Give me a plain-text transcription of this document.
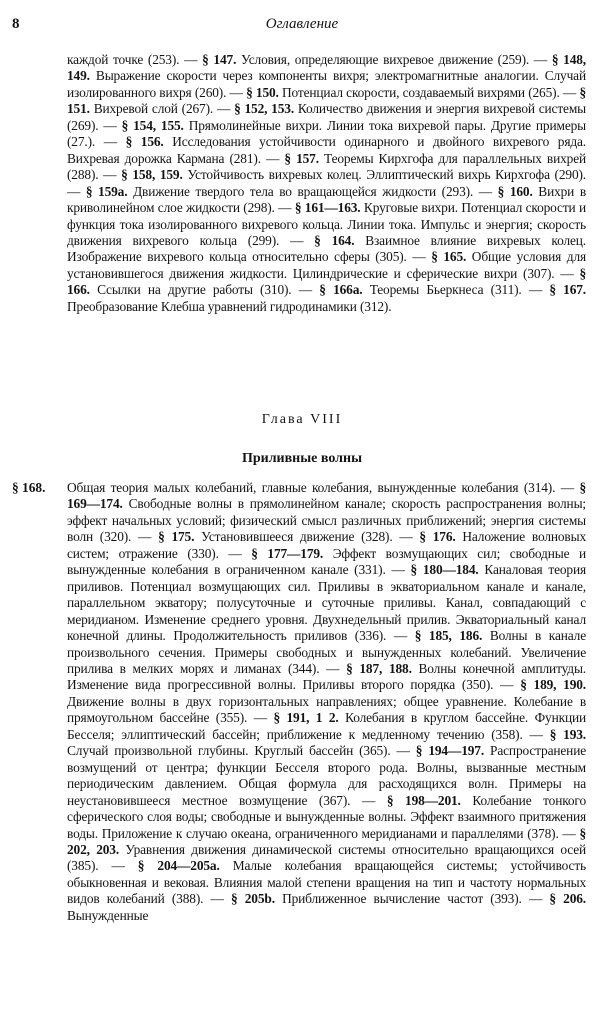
8	Оглавление
каждой точке (253). — § 147. Условия, определяющие вихревое движение (259). — § 148, 149. Выражение скорости через компоненты вихря; электромагнитные аналогии. Случай изолированного вихря (260). — § 150. Потенциал скорости, создаваемый вихрями (265). — § 151. Вихревой слой (267). — § 152, 153. Количество движения и энергия вихревой системы (269). — § 154, 155. Прямолинейные вихри. Линии тока вихревой пары. Другие примеры (27.). — § 156. Исследования устойчивости одинарного и двойного вихревого ряда. Вихревая дорожка Кармана (281). — § 157. Теоремы Кирхгофа для параллельных вихрей (288). — § 158, 159. Устойчивость вихревых колец. Эллиптический вихрь Кирхгофа (290). — § 159а. Движение твердого тела во вращающейся жидкости (293). — § 160. Вихри в криволинейном слое жидкости (298). — § 161—163. Круговые вихри. Потенциал скорости и функция тока изолированного вихревого кольца. Линии тока. Импульс и энергия; скорость движения вихревого кольца (299). — § 164. Взаимное влияние вихревых колец. Изображение вихревого кольца относительно сферы (305). — § 165. Общие условия для установившегося движения жидкости. Цилиндрические и сферические вихри (307). — § 166. Ссылки на другие работы (310). — § 166а. Теоремы Бьеркнеса (311). — § 167. Преобразование Клебша уравнений гидродинамики (312).
Глава VIII
Приливные волны
§ 168. Общая теория малых колебаний, главные колебания, вынужденные колебания (314). — § 169—174. Свободные волны в прямолинейном канале; скорость распространения волны; эффект начальных условий; физический смысл различных приближений; энергия системы волн (320). — § 175. Установившееся движение (328). — § 176. Наложение волновых систем; отражение (330). — § 177—179. Эффект возмущающих сил; свободные и вынужденные колебания в ограниченном канале (331). — § 180—184. Каналовая теория приливов. Потенциал возмущающих сил. Приливы в экваториальном канале и канале, параллельном экватору; полусуточные и суточные приливы. Канал, совпадающий с меридианом. Изменение среднего уровня. Двухнедельный прилив. Экваториальный канал конечной длины. Продолжительность приливов (336). — § 185, 186. Волны в канале произвольного сечения. Примеры свободных и вынужденных колебаний. Увеличение прилива в мелких морях и лиманах (344). — § 187, 188. Волны конечной амплитуды. Изменение вида прогрессивной волны. Приливы второго порядка (350). — § 189, 190. Движение волны в двух горизонтальных направлениях; общее уравнение. Колебание в прямоугольном бассейне (355). — § 191, 1 2. Колебания в круглом бассейне. Функции Бесселя; эллиптический бассейн; приближение к медленному течению (358). — § 193. Случай произвольной глубины. Круглый бассейн (365). — § 194—197. Распространение возмущений от центра; функции Бесселя второго рода. Волны, вызванные местным периодическим давлением. Общая формула для расходящихся волн. Примеры на неустановившееся местное возмущение (367). — § 198—201. Колебание тонкого сферического слоя воды; свободные и вынужденные волны. Эффект взаимного притяжения воды. Приложение к случаю океана, ограниченного меридианами и параллелями (378). — § 202, 203. Уравнения движения динамической системы относительно вращающихся осей (385). — § 204—205а. Малые колебания вращающейся системы; устойчивость обыкновенная и вековая. Влияния малой степени вращения на тип и частоту нормальных видов колебаний (388). — § 205b. Приближенное вычисление частот (393). — § 206. Вынужденные
